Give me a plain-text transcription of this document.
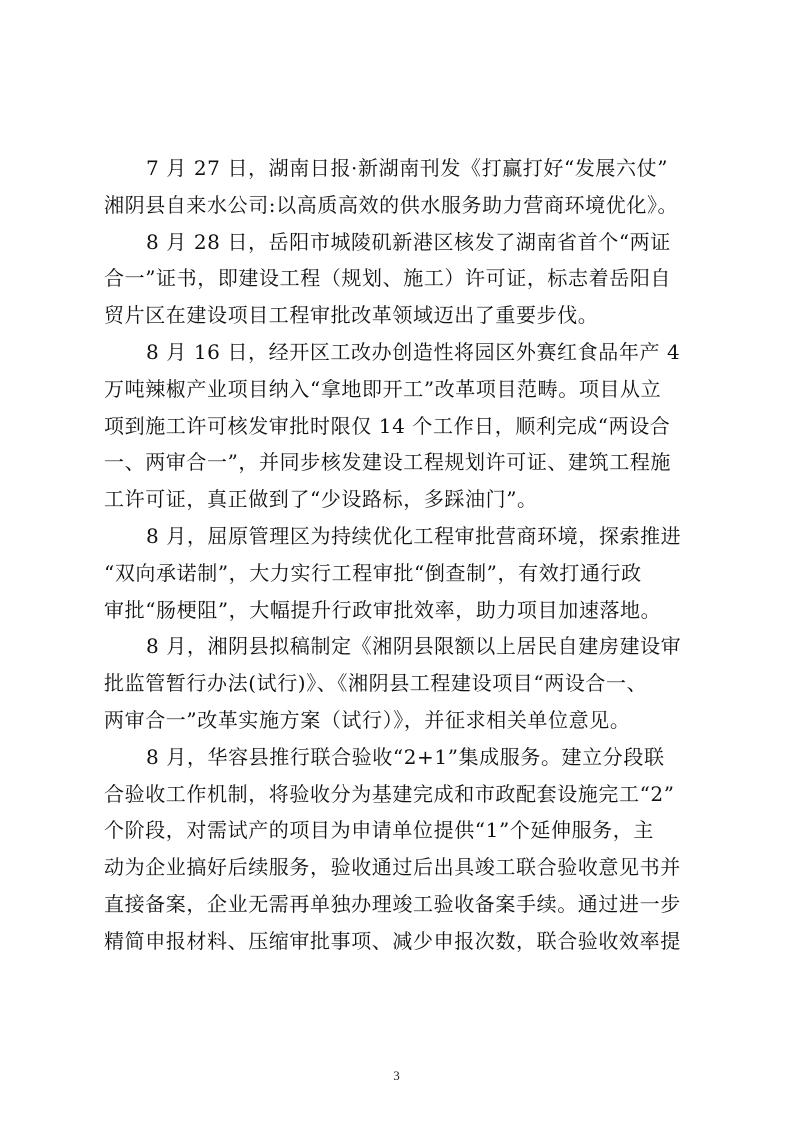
7 月 27 日，湖南日报·新湖南刊发《打赢打好“发展六仗”
湘阴县自来水公司:以高质高效的供水服务助力营商环境优化》。
8 月 28 日，岳阳市城陵矶新港区核发了湖南省首个“两证
合一”证书，即建设工程（规划、施工）许可证，标志着岳阳自
贸片区在建设项目工程审批改革领域迈出了重要步伐。
8 月 16 日，经开区工改办创造性将园区外赛红食品年产 4
万吨辣椒产业项目纳入“拿地即开工”改革项目范畴。项目从立
项到施工许可核发审批时限仅 14 个工作日，顺利完成“两设合
一、两审合一”，并同步核发建设工程规划许可证、建筑工程施
工许可证，真正做到了“少设路标，多踩油门”。
8 月，屈原管理区为持续优化工程审批营商环境，探索推进
“双向承诺制”，大力实行工程审批“倒查制”，有效打通行政
审批“肠梗阻”，大幅提升行政审批效率，助力项目加速落地。
8 月，湘阴县拟稿制定《湘阴县限额以上居民自建房建设审
批监管暂行办法(试行)》、《湘阴县工程建设项目“两设合一、
两审合一”改革实施方案（试行）》，并征求相关单位意见。
8 月，华容县推行联合验收“2+1”集成服务。建立分段联
合验收工作机制，将验收分为基建完成和市政配套设施完工“2”
个阶段，对需试产的项目为申请单位提供“1”个延伸服务，主
动为企业搞好后续服务，验收通过后出具竣工联合验收意见书并
直接备案，企业无需再单独办理竣工验收备案手续。通过进一步
精简申报材料、压缩审批事项、减少申报次数，联合验收效率提
3
